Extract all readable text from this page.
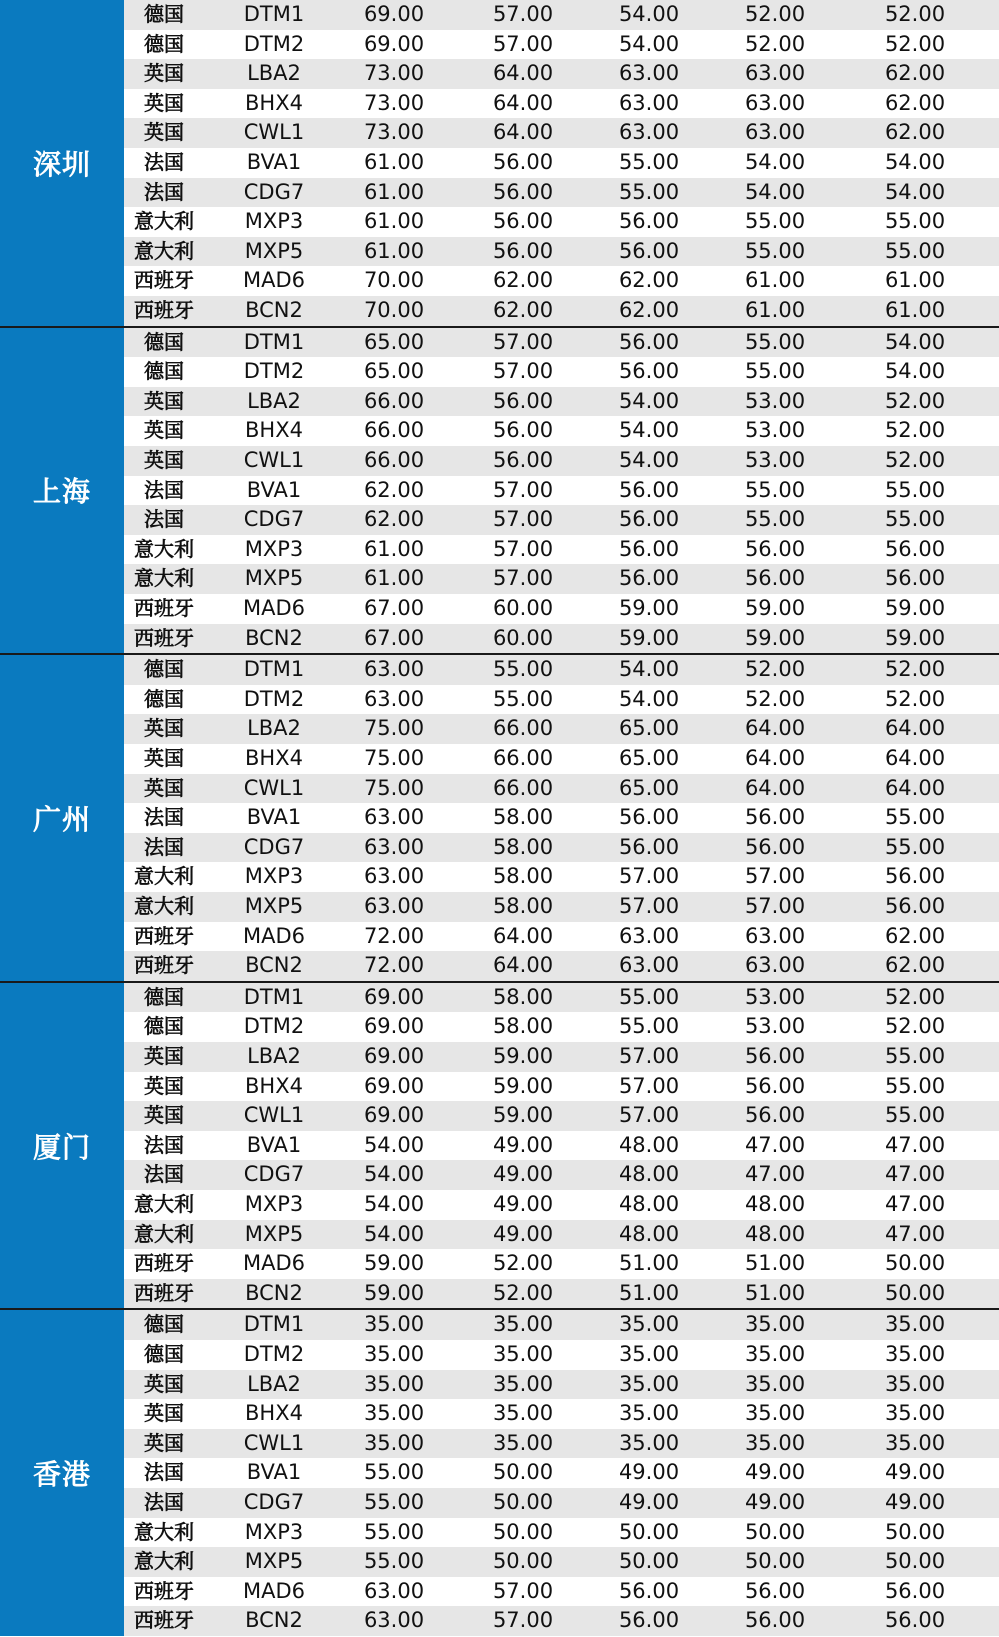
深圳
德国	DTM1	69.00	57.00	54.00	52.00	52.00
德国	DTM2	69.00	57.00	54.00	52.00	52.00
英国	LBA2	73.00	64.00	63.00	63.00	62.00
英国	BHX4	73.00	64.00	63.00	63.00	62.00
英国	CWL1	73.00	64.00	63.00	63.00	62.00
法国	BVA1	61.00	56.00	55.00	54.00	54.00
法国	CDG7	61.00	56.00	55.00	54.00	54.00
意大利	MXP3	61.00	56.00	56.00	55.00	55.00
意大利	MXP5	61.00	56.00	56.00	55.00	55.00
西班牙	MAD6	70.00	62.00	62.00	61.00	61.00
西班牙	BCN2	70.00	62.00	62.00	61.00	61.00
上海
德国	DTM1	65.00	57.00	56.00	55.00	54.00
德国	DTM2	65.00	57.00	56.00	55.00	54.00
英国	LBA2	66.00	56.00	54.00	53.00	52.00
英国	BHX4	66.00	56.00	54.00	53.00	52.00
英国	CWL1	66.00	56.00	54.00	53.00	52.00
法国	BVA1	62.00	57.00	56.00	55.00	55.00
法国	CDG7	62.00	57.00	56.00	55.00	55.00
意大利	MXP3	61.00	57.00	56.00	56.00	56.00
意大利	MXP5	61.00	57.00	56.00	56.00	56.00
西班牙	MAD6	67.00	60.00	59.00	59.00	59.00
西班牙	BCN2	67.00	60.00	59.00	59.00	59.00
广州
德国	DTM1	63.00	55.00	54.00	52.00	52.00
德国	DTM2	63.00	55.00	54.00	52.00	52.00
英国	LBA2	75.00	66.00	65.00	64.00	64.00
英国	BHX4	75.00	66.00	65.00	64.00	64.00
英国	CWL1	75.00	66.00	65.00	64.00	64.00
法国	BVA1	63.00	58.00	56.00	56.00	55.00
法国	CDG7	63.00	58.00	56.00	56.00	55.00
意大利	MXP3	63.00	58.00	57.00	57.00	56.00
意大利	MXP5	63.00	58.00	57.00	57.00	56.00
西班牙	MAD6	72.00	64.00	63.00	63.00	62.00
西班牙	BCN2	72.00	64.00	63.00	63.00	62.00
厦门
德国	DTM1	69.00	58.00	55.00	53.00	52.00
德国	DTM2	69.00	58.00	55.00	53.00	52.00
英国	LBA2	69.00	59.00	57.00	56.00	55.00
英国	BHX4	69.00	59.00	57.00	56.00	55.00
英国	CWL1	69.00	59.00	57.00	56.00	55.00
法国	BVA1	54.00	49.00	48.00	47.00	47.00
法国	CDG7	54.00	49.00	48.00	47.00	47.00
意大利	MXP3	54.00	49.00	48.00	48.00	47.00
意大利	MXP5	54.00	49.00	48.00	48.00	47.00
西班牙	MAD6	59.00	52.00	51.00	51.00	50.00
西班牙	BCN2	59.00	52.00	51.00	51.00	50.00
香港
德国	DTM1	35.00	35.00	35.00	35.00	35.00
德国	DTM2	35.00	35.00	35.00	35.00	35.00
英国	LBA2	35.00	35.00	35.00	35.00	35.00
英国	BHX4	35.00	35.00	35.00	35.00	35.00
英国	CWL1	35.00	35.00	35.00	35.00	35.00
法国	BVA1	55.00	50.00	49.00	49.00	49.00
法国	CDG7	55.00	50.00	49.00	49.00	49.00
意大利	MXP3	55.00	50.00	50.00	50.00	50.00
意大利	MXP5	55.00	50.00	50.00	50.00	50.00
西班牙	MAD6	63.00	57.00	56.00	56.00	56.00
西班牙	BCN2	63.00	57.00	56.00	56.00	56.00
